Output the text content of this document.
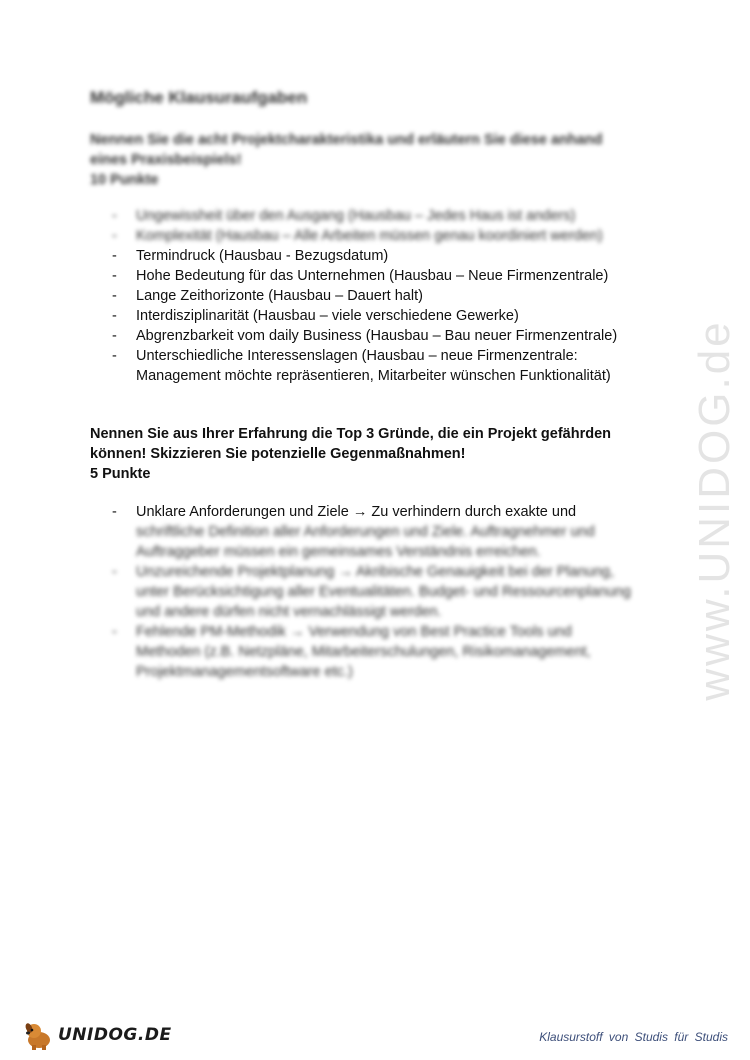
www.UNIDOG.de
Mögliche Klausuraufgaben

Nennen Sie die acht Projektcharakteristika und erläutern Sie diese anhand
eines Praxisbeispiels!
10 Punkte

- Ungewissheit über den Ausgang (Hausbau – Jedes Haus ist anders)
- Komplexität (Hausbau – Alle Arbeiten müssen genau koordiniert werden)
- Termindruck (Hausbau - Bezugsdatum)
- Hohe Bedeutung für das Unternehmen (Hausbau – Neue Firmenzentrale)
- Lange Zeithorizonte (Hausbau – Dauert halt)
- Interdisziplinarität (Hausbau – viele verschiedene Gewerke)
- Abgrenzbarkeit vom daily Business (Hausbau – Bau neuer Firmenzentrale)
- Unterschiedliche Interessenslagen (Hausbau – neue Firmenzentrale:
Management möchte repräsentieren, Mitarbeiter wünschen Funktionalität)

Nennen Sie aus Ihrer Erfahrung die Top 3 Gründe, die ein Projekt gefährden
können! Skizzieren Sie potenzielle Gegenmaßnahmen!
5 Punkte

- Unklare Anforderungen und Ziele → Zu verhindern durch exakte und
schriftliche Definition aller Anforderungen und Ziele. Auftragnehmer und
Auftraggeber müssen ein gemeinsames Verständnis erreichen.
- Unzureichende Projektplanung → Akribische Genauigkeit bei der Planung,
unter Berücksichtigung aller Eventualitäten. Budget- und Ressourcenplanung
und andere dürfen nicht vernachlässigt werden.
- Fehlende PM-Methodik → Verwendung von Best Practice Tools und
Methoden (z.B. Netzpläne, Mitarbeiterschulungen, Risikomanagement,
Projektmanagementsoftware etc.)
UNIDOG.DE	Klausurstoff von Studis für Studis
